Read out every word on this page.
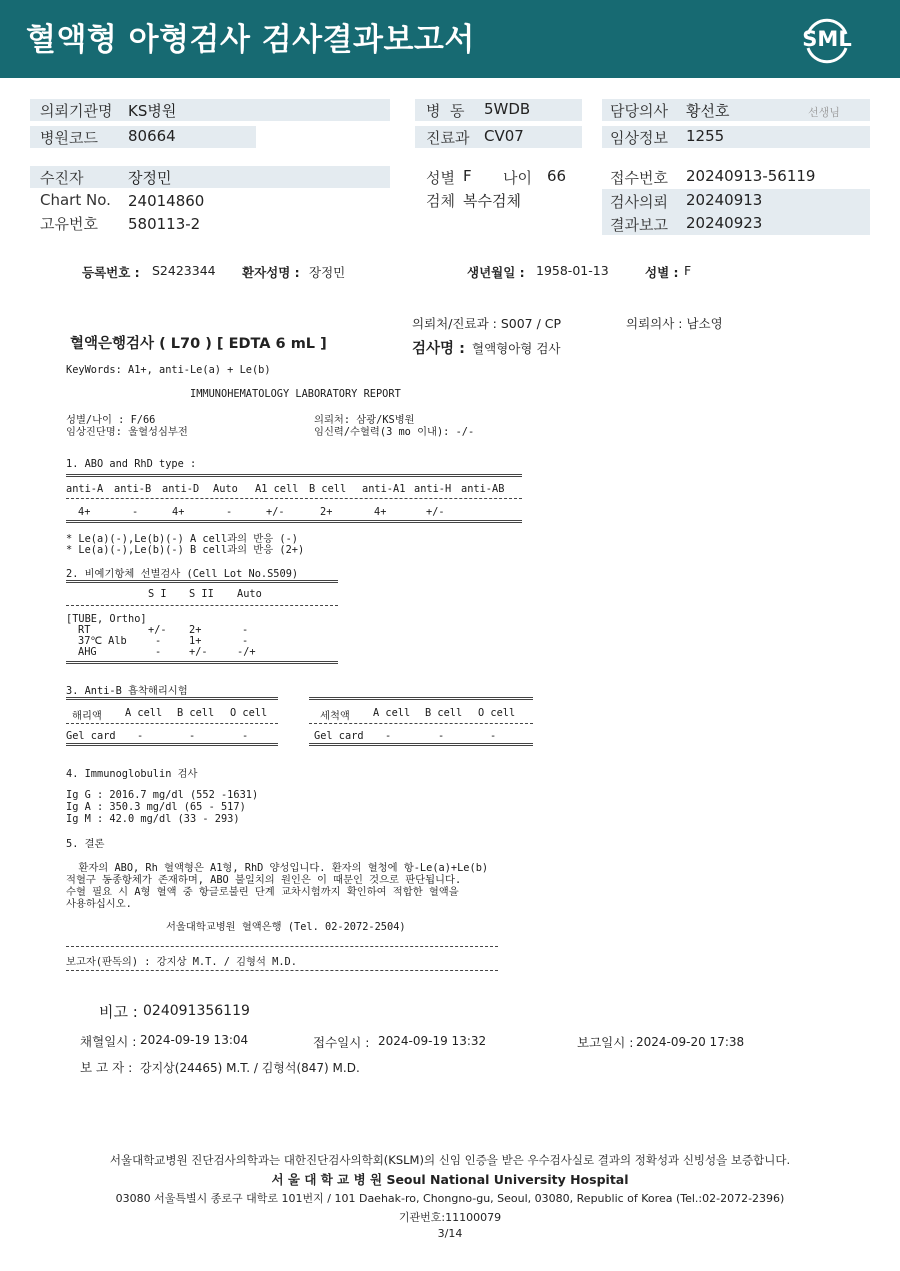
혈액형 아형검사 검사결과보고서	SML
의뢰기관명 KS병원
병원코드 80664
병  동 5WDB
진료과 CV07
담당의사 황선호	선생님
임상정보 1255
수진자	장정민
Chart No. 24014860
고유번호 580113-2
성별 F 나이 66
검체 복수검체
접수번호 20240913-56119
검사의뢰 20240913
결과보고 20240923
등록번호 : S2423344 환자성명 : 장정민	생년월일 : 1958-01-13	성별 : F
의뢰처/진료과 : S007 / CP	의뢰의사 : 남소영
혈액은행검사 ( L70 ) [ EDTA 6 mL ]	검사명 : 혈액형아형 검사
KeyWords: A1+, anti-Le(a) + Le(b)
IMMUNOHEMATOLOGY LABORATORY REPORT
성별/나이 : F/66	의뢰처: 삼광/KS병원
임상진단명: 울혈성심부전	임신력/수혈력(3 mo 이내): -/-
1. ABO and RhD type :
anti-A anti-B anti-D Auto A1 cell B cell anti-A1 anti-H anti-AB
4+	-	4+	-	+/-	2+	4+	+/-
* Le(a)(-),Le(b)(-) A cell과의 반응 (-)
* Le(a)(-),Le(b)(-) B cell과의 반응 (2+)
2. 비예기항체 선별검사 (Cell Lot No.S509)
S I S II Auto
[TUBE, Ortho]
RT	+/- 2+	-
37℃ Alb	-	1+	-
AHG	-	+/-	-/+
3. Anti-B 흡착해리시험
해리액 A cell B cell O cell	세척액 A cell B cell O cell
Gel card -	-	-	Gel card -	-	-
4. Immunoglobulin 검사
Ig G : 2016.7 mg/dl (552 -1631)
Ig A : 350.3 mg/dl (65 - 517)
Ig M : 42.0 mg/dl (33 - 293)
5. 결론
환자의 ABO, Rh 혈액형은 A1형, RhD 양성입니다. 환자의 혈청에 항-Le(a)+Le(b)
적혈구 동종항체가 존재하며, ABO 불일치의 원인은 이 때문인 것으로 판단됩니다.
수혈 필요 시 A형 혈액 중 항글로불린 단계 교차시험까지 확인하여 적합한 혈액을
사용하십시오.
서울대학교병원 혈액은행 (Tel. 02-2072-2504)
보고자(판독의) : 강지상 M.T. / 김형석 M.D.
비고 : 024091356119
채혈일시 : 2024-09-19 13:04	접수일시 : 2024-09-19 13:32	보고일시 : 2024-09-20 17:38
보 고 자 : 강지상(24465) M.T. / 김형석(847) M.D.
서울대학교병원 진단검사의학과는 대한진단검사의학회(KSLM)의 신임 인증을 받은 우수검사실로 결과의 정확성과 신빙성을 보증합니다.
서 울 대 학 교 병 원 Seoul National University Hospital
03080 서울특별시 종로구 대학로 101번지 / 101 Daehak-ro, Chongno-gu, Seoul, 03080, Republic of Korea (Tel.:02-2072-2396)
기관번호:11100079
3/14
